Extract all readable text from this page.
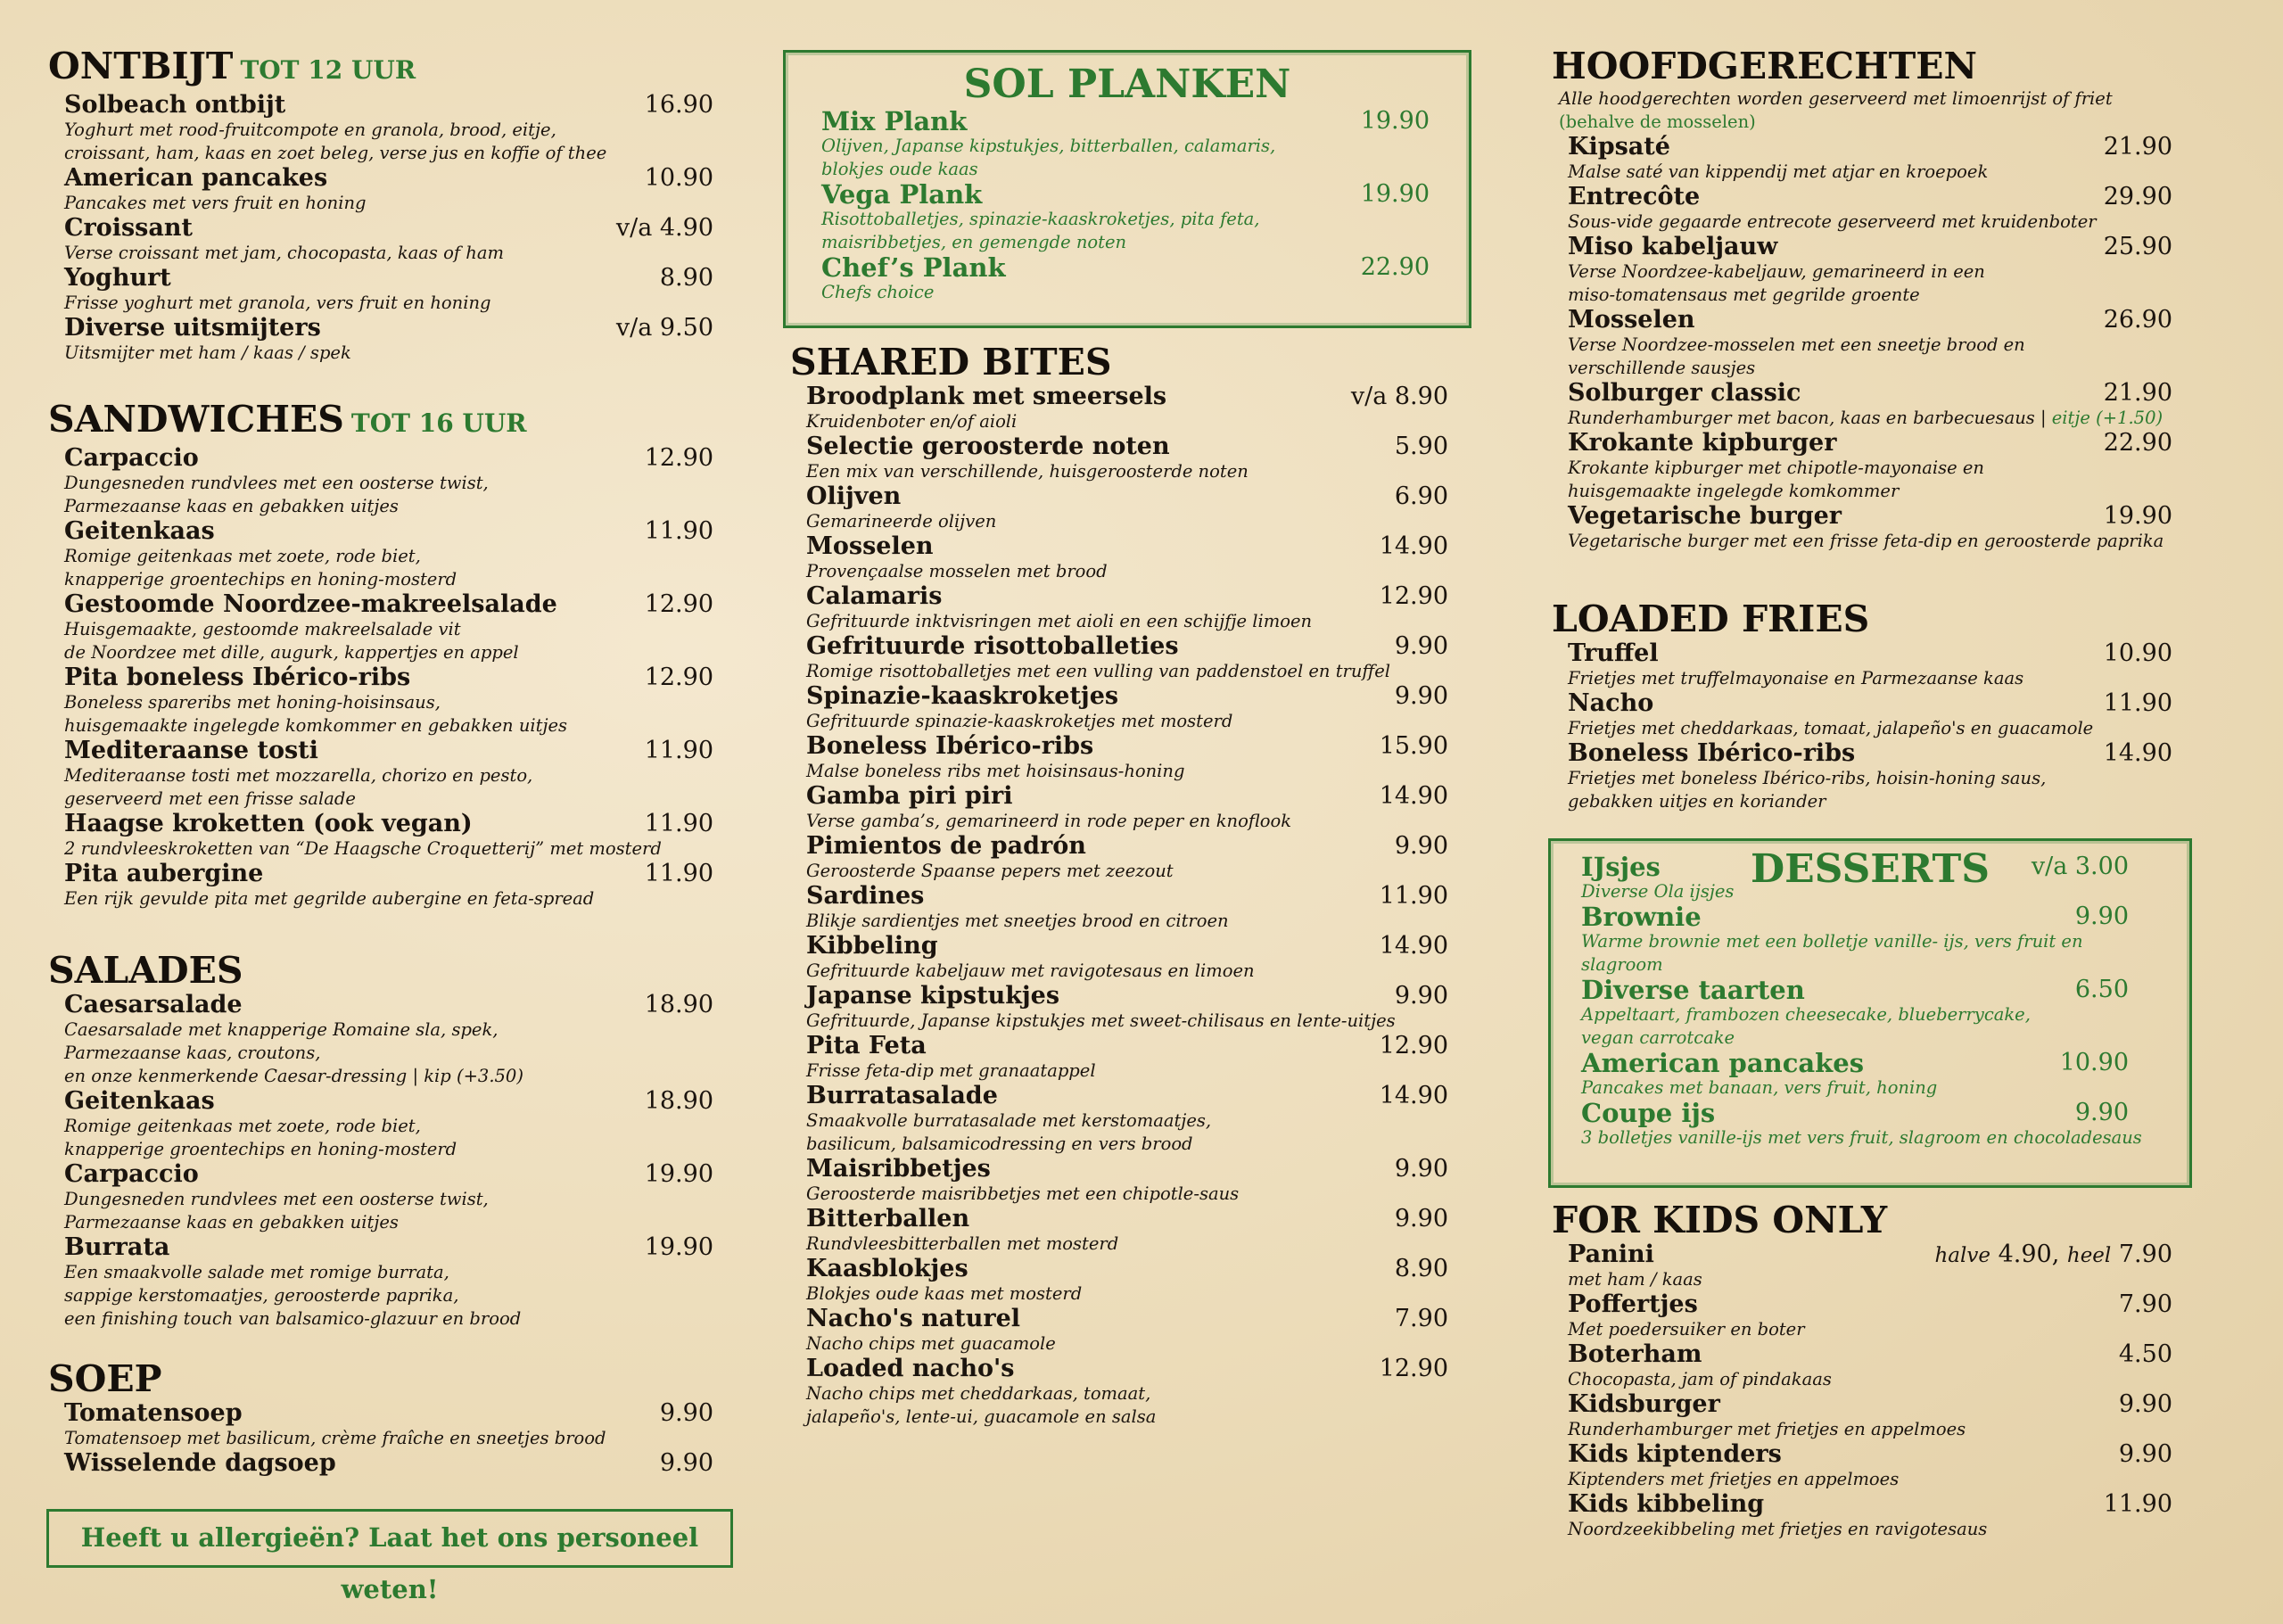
ONTBIJT TOT 12 UUR
Solbeach ontbijt	16.90
Yoghurt met rood-fruitcompote en granola, brood, eitje,
croissant, ham, kaas en zoet beleg, verse jus en koffie of thee
American pancakes	10.90
Pancakes met vers fruit en honing
Croissant	v/a 4.90
Verse croissant met jam, chocopasta, kaas of ham
Yoghurt	8.90
Frisse yoghurt met granola, vers fruit en honing
Diverse uitsmijters	v/a 9.50
Uitsmijter met ham / kaas / spek
SANDWICHES TOT 16 UUR
Carpaccio	12.90
Dungesneden rundvlees met een oosterse twist,
Parmezaanse kaas en gebakken uitjes
Geitenkaas	11.90
Romige geitenkaas met zoete, rode biet,
knapperige groentechips en honing-mosterd
Gestoomde Noordzee-makreelsalade	12.90
Huisgemaakte, gestoomde makreelsalade vit
de Noordzee met dille, augurk, kappertjes en appel
Pita boneless Ibérico-ribs	12.90
Boneless spareribs met honing-hoisinsaus,
huisgemaakte ingelegde komkommer en gebakken uitjes
Mediteraanse tosti	11.90
Mediteraanse tosti met mozzarella, chorizo en pesto,
geserveerd met een frisse salade
Haagse kroketten (ook vegan)	11.90
2 rundvleeskroketten van “De Haagsche Croquetterij” met mosterd
Pita aubergine	11.90
Een rijk gevulde pita met gegrilde aubergine en feta-spread
SALADES
Caesarsalade	18.90
Caesarsalade met knapperige Romaine sla, spek,
Parmezaanse kaas, croutons,
en onze kenmerkende Caesar-dressing | kip (+3.50)
Geitenkaas	18.90
Romige geitenkaas met zoete, rode biet,
knapperige groentechips en honing-mosterd
Carpaccio	19.90
Dungesneden rundvlees met een oosterse twist,
Parmezaanse kaas en gebakken uitjes
Burrata	19.90
Een smaakvolle salade met romige burrata,
sappige kerstomaatjes, geroosterde paprika,
een finishing touch van balsamico-glazuur en brood
SOEP
Tomatensoep	9.90
Tomatensoep met basilicum, crème fraîche en sneetjes brood
Wisselende dagsoep	9.90
Heeft u allergieën? Laat het ons personeel weten!
SOL PLANKEN
Mix Plank	19.90
Olijven, Japanse kipstukjes, bitterballen, calamaris,
blokjes oude kaas
Vega Plank	19.90
Risottoballetjes, spinazie-kaaskroketjes, pita feta,
maisribbetjes, en gemengde noten
Chef’s Plank	22.90
Chefs choice
SHARED BITES
Broodplank met smeersels	v/a 8.90
Kruidenboter en/of aioli
Selectie geroosterde noten	5.90
Een mix van verschillende, huisgeroosterde noten
Olijven	6.90
Gemarineerde olijven
Mosselen	14.90
Provençaalse mosselen met brood
Calamaris	12.90
Gefrituurde inktvisringen met aioli en een schijfje limoen
Gefrituurde risottoballeties	9.90
Romige risottoballetjes met een vulling van paddenstoel en truffel
Spinazie-kaaskroketjes	9.90
Gefrituurde spinazie-kaaskroketjes met mosterd
Boneless Ibérico-ribs	15.90
Malse boneless ribs met hoisinsaus-honing
Gamba piri piri	14.90
Verse gamba’s, gemarineerd in rode peper en knoflook
Pimientos de padrón	9.90
Geroosterde Spaanse pepers met zeezout
Sardines	11.90
Blikje sardientjes met sneetjes brood en citroen
Kibbeling	14.90
Gefrituurde kabeljauw met ravigotesaus en limoen
Japanse kipstukjes	9.90
Gefrituurde, Japanse kipstukjes met sweet-chilisaus en lente-uitjes
Pita Feta	12.90
Frisse feta-dip met granaatappel
Burratasalade	14.90
Smaakvolle burratasalade met kerstomaatjes,
basilicum, balsamicodressing en vers brood
Maisribbetjes	9.90
Geroosterde maisribbetjes met een chipotle-saus
Bitterballen	9.90
Rundvleesbitterballen met mosterd
Kaasblokjes	8.90
Blokjes oude kaas met mosterd
Nacho's naturel	7.90
Nacho chips met guacamole
Loaded nacho's	12.90
Nacho chips met cheddarkaas, tomaat,
jalapeño's, lente-ui, guacamole en salsa
HOOFDGERECHTEN
Alle hoodgerechten worden geserveerd met limoenrijst of friet
(behalve de mosselen)
Kipsaté	21.90
Malse saté van kippendij met atjar en kroepoek
Entrecôte	29.90
Sous-vide gegaarde entrecote geserveerd met kruidenboter
Miso kabeljauw	25.90
Verse Noordzee-kabeljauw, gemarineerd in een
miso-tomatensaus met gegrilde groente
Mosselen	26.90
Verse Noordzee-mosselen met een sneetje brood en
verschillende sausjes
Solburger classic	21.90
Runderhamburger met bacon, kaas en barbecuesaus | eitje (+1.50)
Krokante kipburger	22.90
Krokante kipburger met chipotle-mayonaise en
huisgemaakte ingelegde komkommer
Vegetarische burger	19.90
Vegetarische burger met een frisse feta-dip en geroosterde paprika
LOADED FRIES
Truffel	10.90
Frietjes met truffelmayonaise en Parmezaanse kaas
Nacho	11.90
Frietjes met cheddarkaas, tomaat, jalapeño's en guacamole
Boneless Ibérico-ribs	14.90
Frietjes met boneless Ibérico-ribs, hoisin-honing saus,
gebakken uitjes en koriander
FOR KIDS ONLY
Panini	halve 4.90, heel 7.90
met ham / kaas
Poffertjes	7.90
Met poedersuiker en boter
Boterham	4.50
Chocopasta, jam of pindakaas
Kidsburger	9.90
Runderhamburger met frietjes en appelmoes
Kids kiptenders	9.90
Kiptenders met frietjes en appelmoes
Kids kibbeling	11.90
Noordzeekibbeling met frietjes en ravigotesaus
DESSERTS
IJsjes	v/a 3.00
Diverse Ola ijsjes
Brownie	9.90
Warme brownie met een bolletje vanille- ijs, vers fruit en slagroom
Diverse taarten	6.50
Appeltaart, frambozen cheesecake, blueberrycake,
vegan carrotcake
American pancakes	10.90
Pancakes met banaan, vers fruit, honing
Coupe ijs	9.90
3 bolletjes vanille-ijs met vers fruit, slagroom en chocoladesaus
